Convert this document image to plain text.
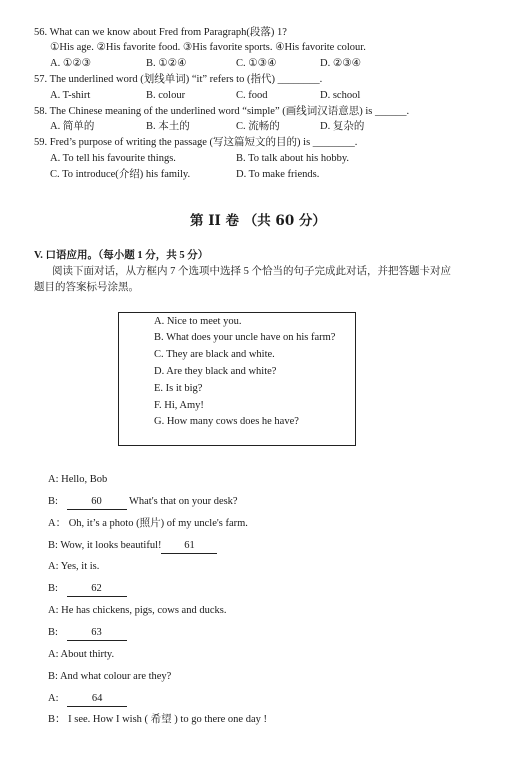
56. What can we know about Fred from Paragraph(段落) 1?
①His age. ②His favorite food. ③His favorite sports. ④His favorite colour.
A. ①②③	B. ①②④	C. ①③④	D. ②③④
57. The underlined word (划线单词) “it” refers to (指代) ________.
A. T-shirt	B. colour	C. food	D. school
58. The Chinese meaning of the underlined word “simple” (画线词汉语意思) is ______.
A. 简单的	B. 本土的	C. 流畅的	D. 复杂的
59. Fred’s purpose of writing the passage (写这篇短文的目的) is ________.
A. To tell his favourite things.	B. To talk about his hobby.
C. To introduce(介绍) his family.	D. To make friends.
第 II 卷 （共 60 分）
V. 口语应用。（每小题 1 分，共 5 分）
阅读下面对话，从方框内 7 个选项中选择 5 个恰当的句子完成此对话，并把答题卡对应
题目的答案标号涂黑。
A. Nice to meet you.
B. What does your uncle have on his farm?
C. They are black and white.
D. Are they black and white?
E. Is it big?
F. Hi, Amy!
G. How many cows does he have?
A: Hello, Bob
B:	60 What's that on your desk?
A： Oh, it’s a photo (照片) of my uncle's farm.
B: Wow, it looks beautiful! 61
A: Yes, it is.
B:	62
A: He has chickens, pigs, cows and ducks.
B:	63
A: About thirty.
B: And what colour are they?
A:	64
B： I see. How I wish ( 希望 ) to go there one day !
